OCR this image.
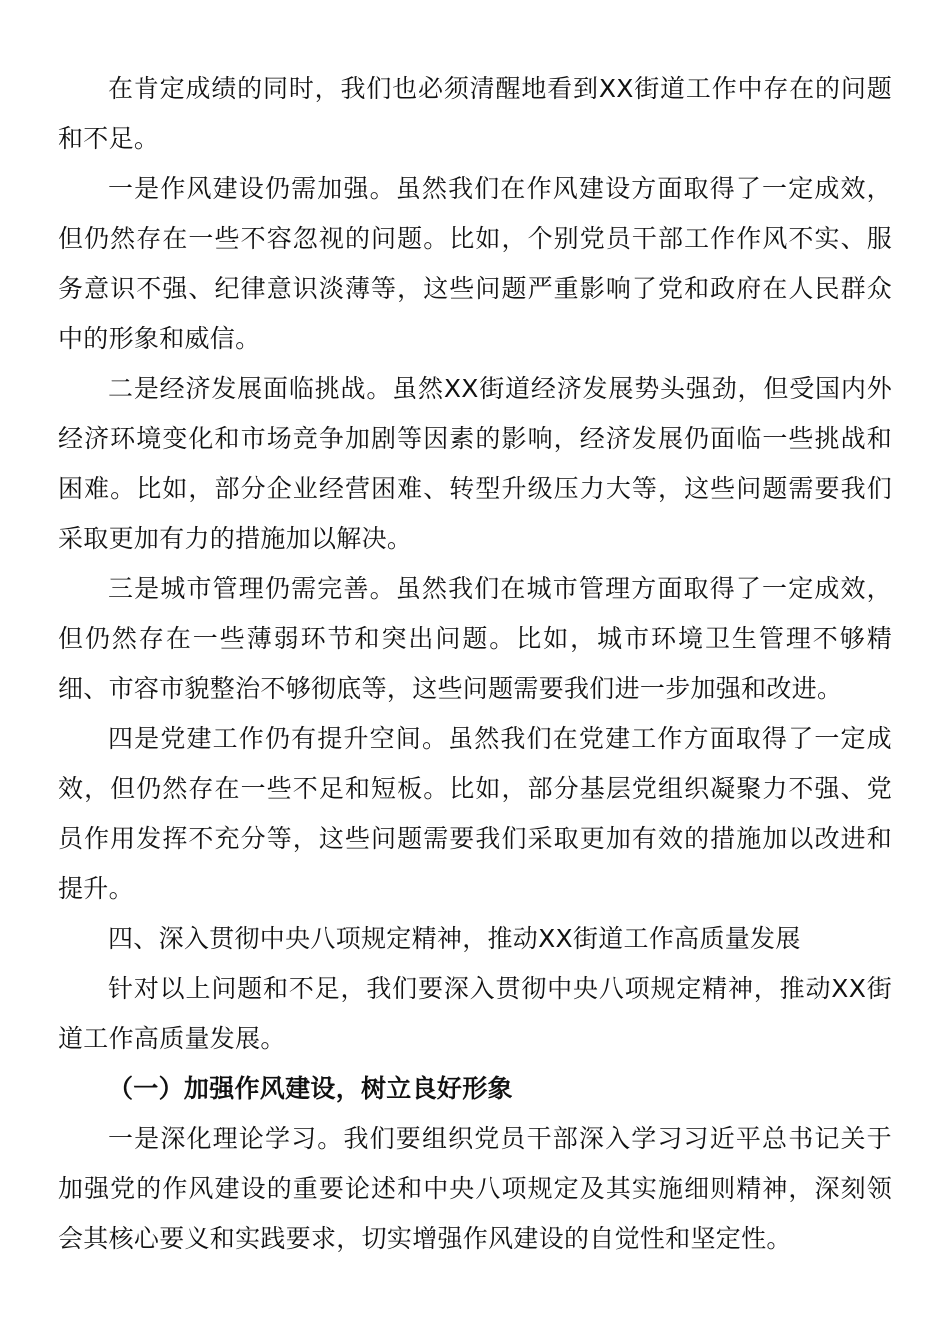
在肯定成绩的同时，我们也必须清醒地看到XX街道工作中存在的问题和不足。

一是作风建设仍需加强。虽然我们在作风建设方面取得了一定成效，但仍然存在一些不容忽视的问题。比如，个别党员干部工作作风不实、服务意识不强、纪律意识淡薄等，这些问题严重影响了党和政府在人民群众中的形象和威信。

二是经济发展面临挑战。虽然XX街道经济发展势头强劲，但受国内外经济环境变化和市场竞争加剧等因素的影响，经济发展仍面临一些挑战和困难。比如，部分企业经营困难、转型升级压力大等，这些问题需要我们采取更加有力的措施加以解决。

三是城市管理仍需完善。虽然我们在城市管理方面取得了一定成效，但仍然存在一些薄弱环节和突出问题。比如，城市环境卫生管理不够精细、市容市貌整治不够彻底等，这些问题需要我们进一步加强和改进。

四是党建工作仍有提升空间。虽然我们在党建工作方面取得了一定成效，但仍然存在一些不足和短板。比如，部分基层党组织凝聚力不强、党员作用发挥不充分等，这些问题需要我们采取更加有效的措施加以改进和提升。

四、深入贯彻中央八项规定精神，推动XX街道工作高质量发展

针对以上问题和不足，我们要深入贯彻中央八项规定精神，推动XX街道工作高质量发展。

（一）加强作风建设，树立良好形象

一是深化理论学习。我们要组织党员干部深入学习习近平总书记关于加强党的作风建设的重要论述和中央八项规定及其实施细则精神，深刻领会其核心要义和实践要求，切实增强作风建设的自觉性和坚定性。
